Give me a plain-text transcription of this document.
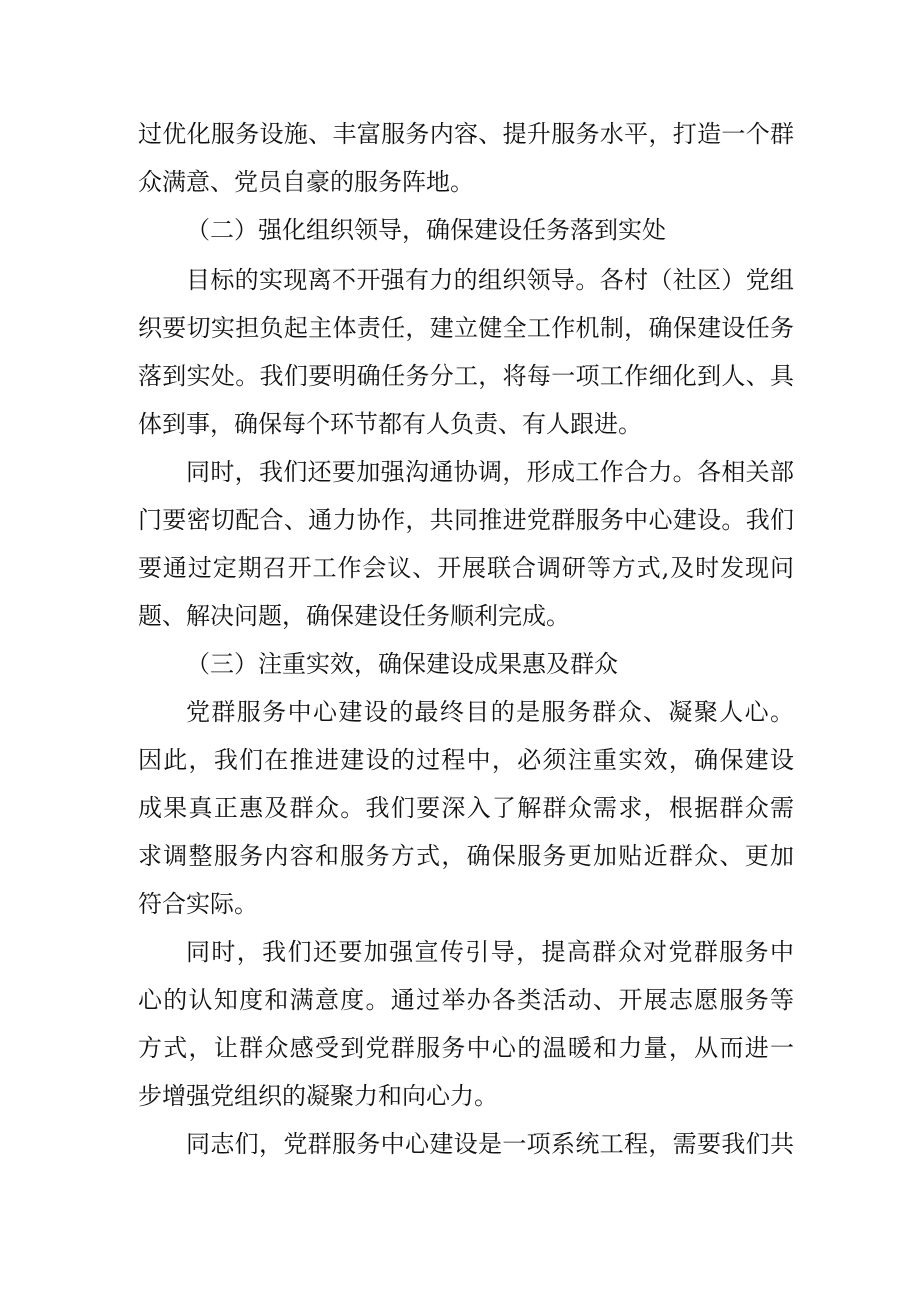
过优化服务设施、丰富服务内容、提升服务水平，打造一个群
众满意、党员自豪的服务阵地。
（二）强化组织领导，确保建设任务落到实处
目标的实现离不开强有力的组织领导。各村（社区）党组
织要切实担负起主体责任，建立健全工作机制，确保建设任务
落到实处。我们要明确任务分工，将每一项工作细化到人、具
体到事，确保每个环节都有人负责、有人跟进。
同时，我们还要加强沟通协调，形成工作合力。各相关部
门要密切配合、通力协作，共同推进党群服务中心建设。我们
要通过定期召开工作会议、开展联合调研等方式,及时发现问
题、解决问题，确保建设任务顺利完成。
（三）注重实效，确保建设成果惠及群众
党群服务中心建设的最终目的是服务群众、凝聚人心。
因此，我们在推进建设的过程中，必须注重实效，确保建设
成果真正惠及群众。我们要深入了解群众需求，根据群众需
求调整服务内容和服务方式，确保服务更加贴近群众、更加
符合实际。
同时，我们还要加强宣传引导，提高群众对党群服务中
心的认知度和满意度。通过举办各类活动、开展志愿服务等
方式，让群众感受到党群服务中心的温暖和力量，从而进一
步增强党组织的凝聚力和向心力。
同志们，党群服务中心建设是一项系统工程，需要我们共
